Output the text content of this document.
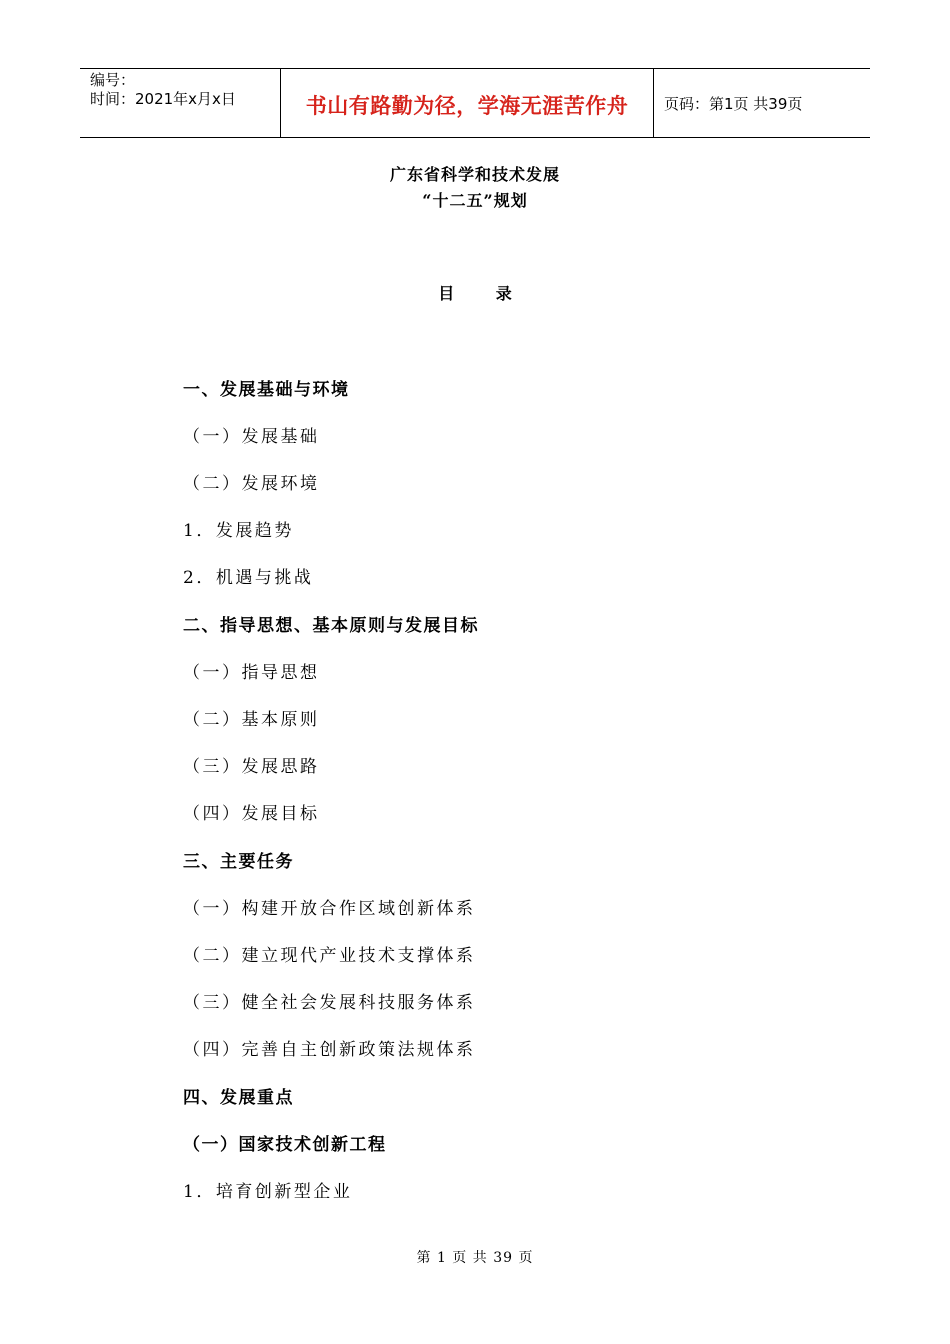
编号：
时间：2021年x月x日	书山有路勤为径，学海无涯苦作舟 页码：第1页 共39页
广东省科学和技术发展
“十二五”规划
目 录
一、发展基础与环境
（一）发展基础
（二）发展环境
1．发展趋势
2．机遇与挑战
二、指导思想、基本原则与发展目标
（一）指导思想
（二）基本原则
（三）发展思路
（四）发展目标
三、主要任务
（一）构建开放合作区域创新体系
（二）建立现代产业技术支撑体系
（三）健全社会发展科技服务体系
（四）完善自主创新政策法规体系
四、发展重点
（一）国家技术创新工程
1．培育创新型企业
第 1 页 共 39 页
